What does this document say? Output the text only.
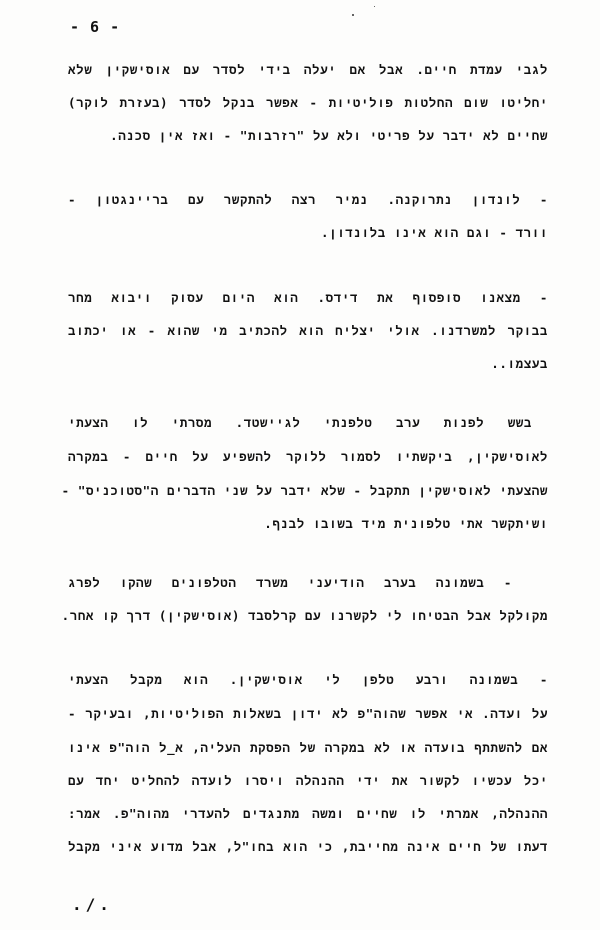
- 6 -
לגבי עמדת חיים. אבל אם יעלה בידי לסדר עם אוסישקין שלא
יחליטו שום החלטות פוליטיות - אפשר בנקל לסדר (בעזרת לוקר)
שחיים לא ידבר על פריטי ולא על "רזרבות" - ואז אין סכנה.
- לונדון נתרוקנה. נמיר רצה להתקשר עם בריינגטון -
וורד - וגם הוא אינו בלונדון.
- מצאנו סופסוף את דידס. הוא היום עסוק ויבוא מחר
בבוקר למשרדנו. אולי יצליח הוא להכתיב מי שהוא - או יכתוב
בעצמו..
בשש לפנות ערב טלפנתי לגיישטד. מסרתי לו הצעתי
לאוסישקין, ביקשתיו לסמור ללוקר להשפיע על חיים - במקרה
שהצעתי לאוסישקין תתקבל - שלא ידבר על שני הדברים ה"סטוכניס" -
ושיתקשר אתי טלפונית מיד בשובו לבנף.
- בשמונה בערב הודיעני משרד הטלפונים שהקו לפרג
מקולקל אבל הבטיחו לי לקשרנו עם קרלסבד (אוסישקין) דרך קו אחר.
- בשמונה ורבע טלפן לי אוסישקין. הוא מקבל הצעתי
על ועדה. אי אפשר שהוה"פ לא ידון בשאלות הפוליטיות, ובעיקר -
אם להשתתף בועדה או לא במקרה של הפסקת העליה, א_ל הוה"פ אינו
יכל עכשיו לקשור את ידי ההנהלה ויסרו לועדה להחליט יחד עם
ההנהלה, אמרתי לו שחיים ומשה מתנגדים להעדרי מהוה"פ. אמר:
דעתו של חיים אינה מחייבת, כי הוא בחו"ל, אבל מדוע איני מקבל
./.
